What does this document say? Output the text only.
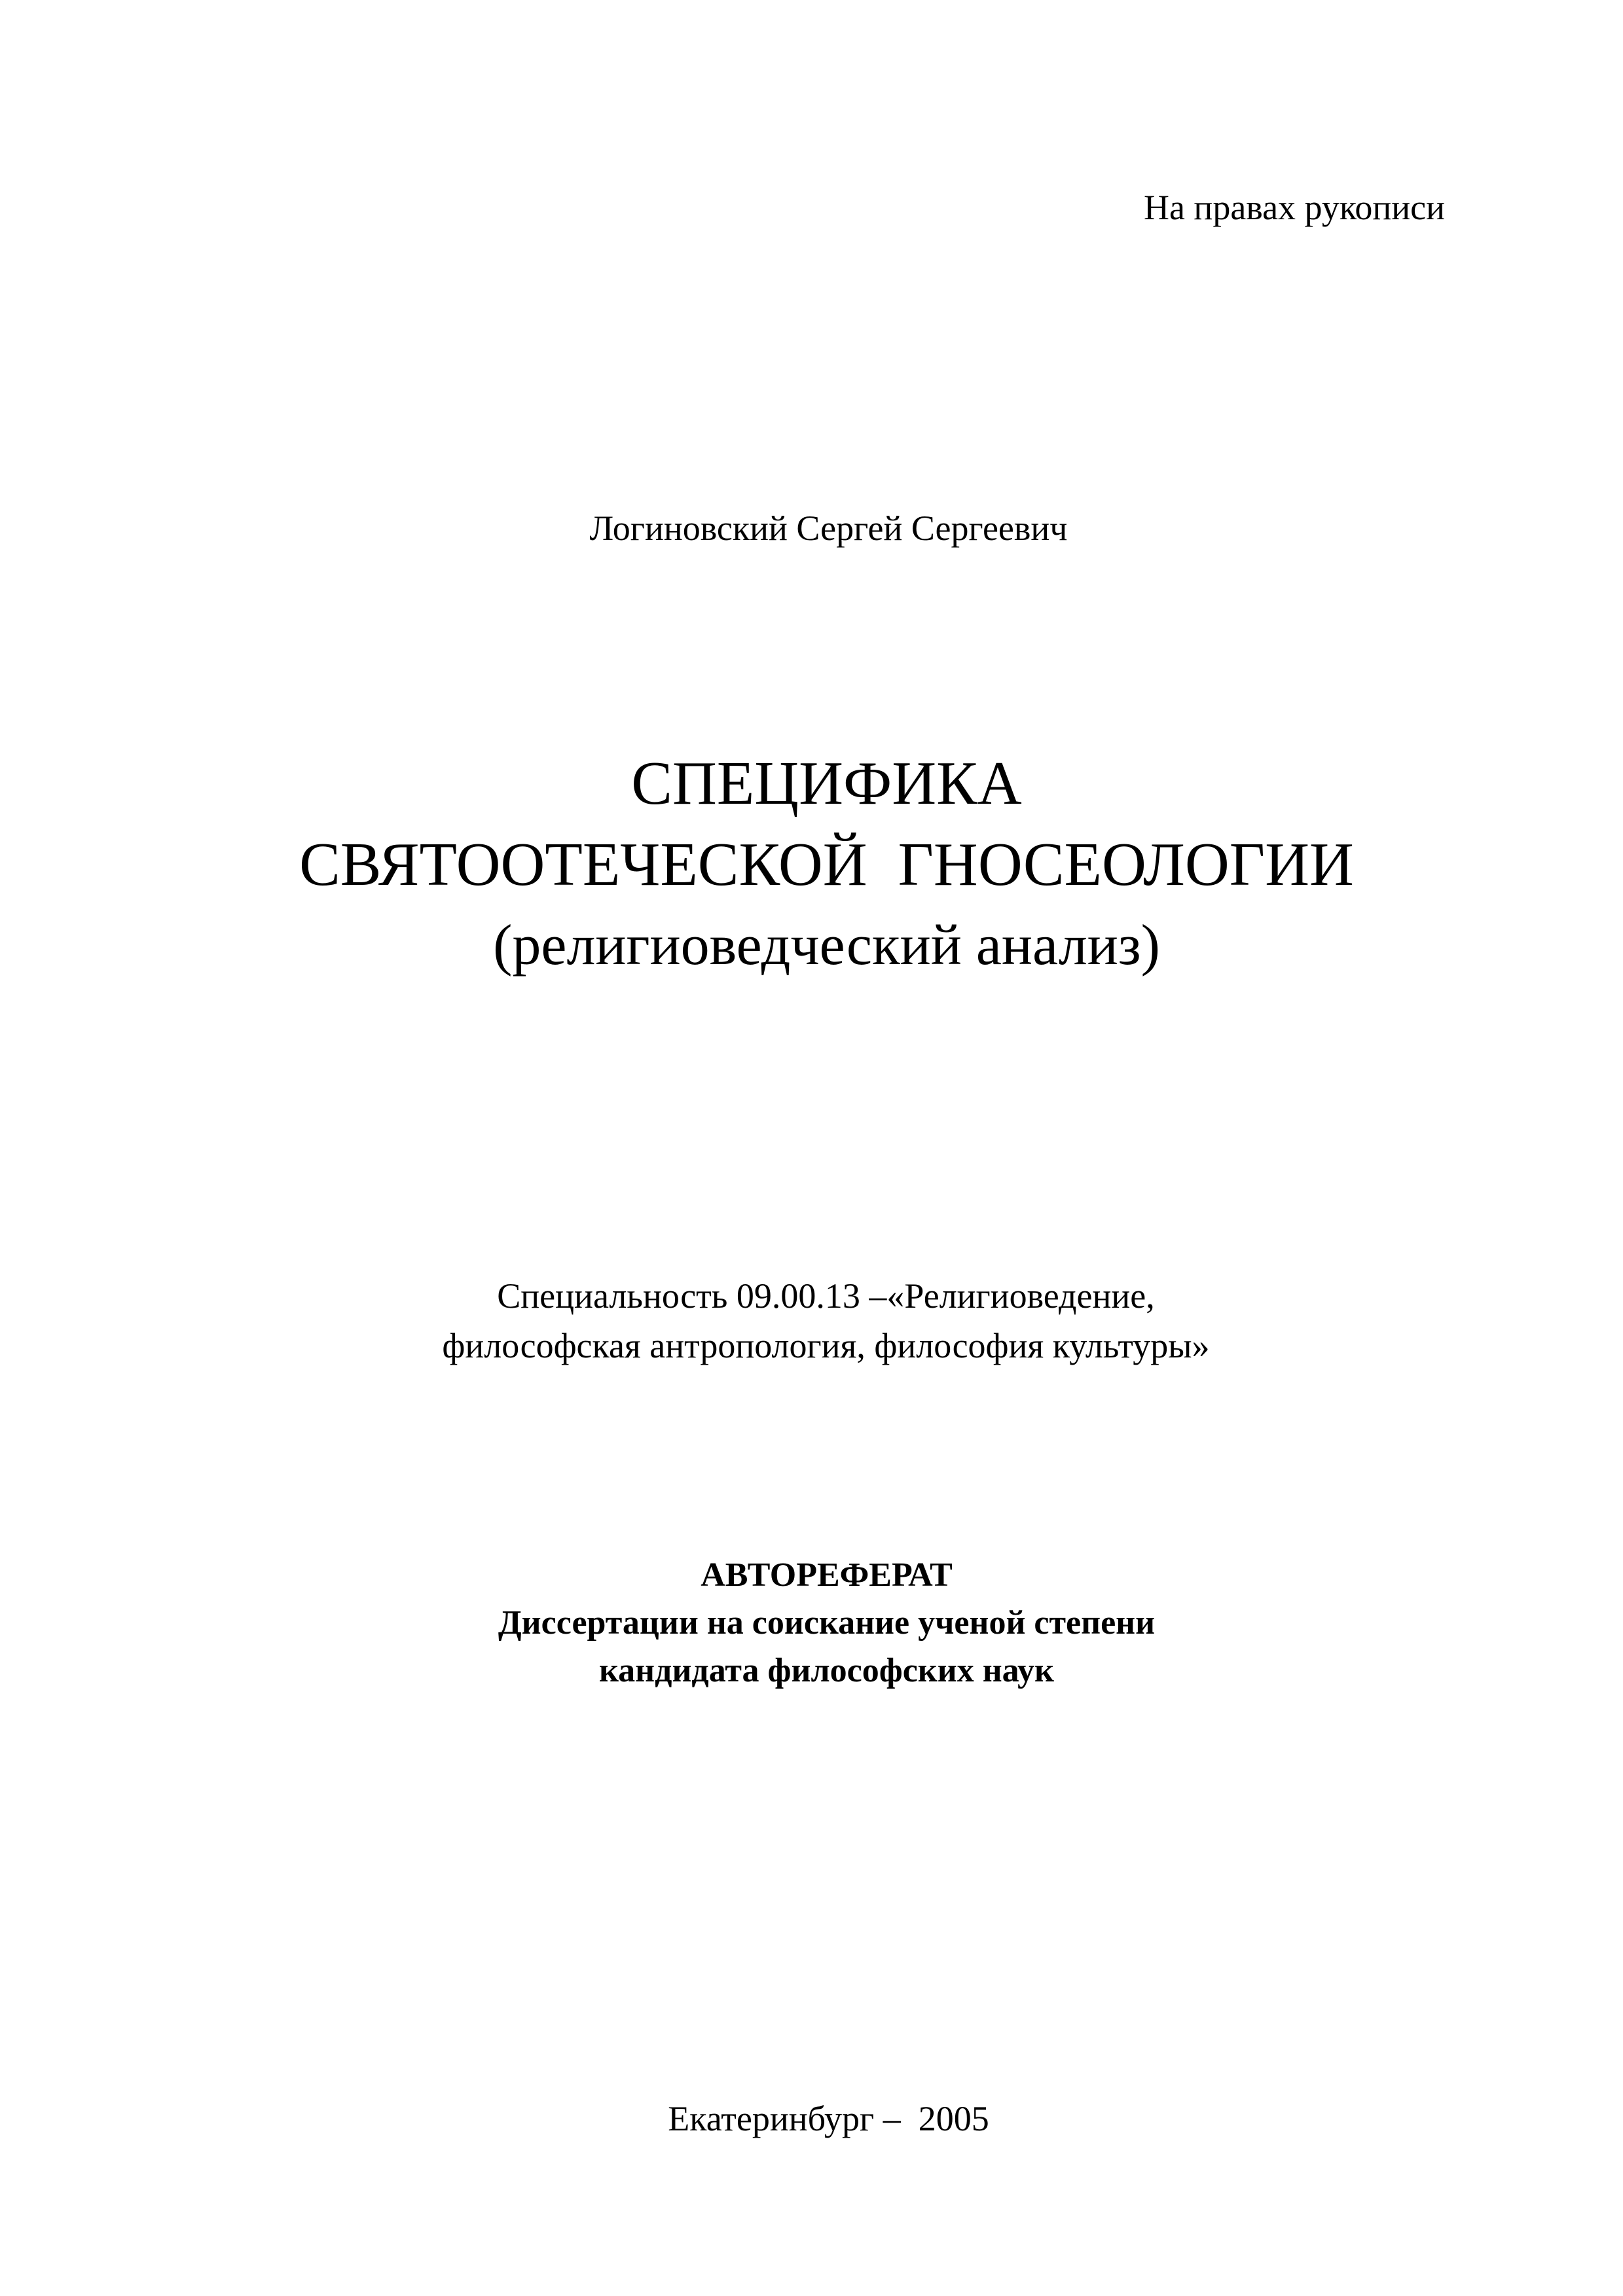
На правах рукописи
Логиновский Сергей Сергеевич
СПЕЦИФИКА
СВЯТООТЕЧЕСКОЙ  ГНОСЕОЛОГИИ
(религиоведческий анализ)
Специальность 09.00.13 –«Религиоведение,
философская антропология, философия культуры»
АВТОРЕФЕРАТ
Диссертации на соискание ученой степени
кандидата философских наук
Екатеринбург –  2005
